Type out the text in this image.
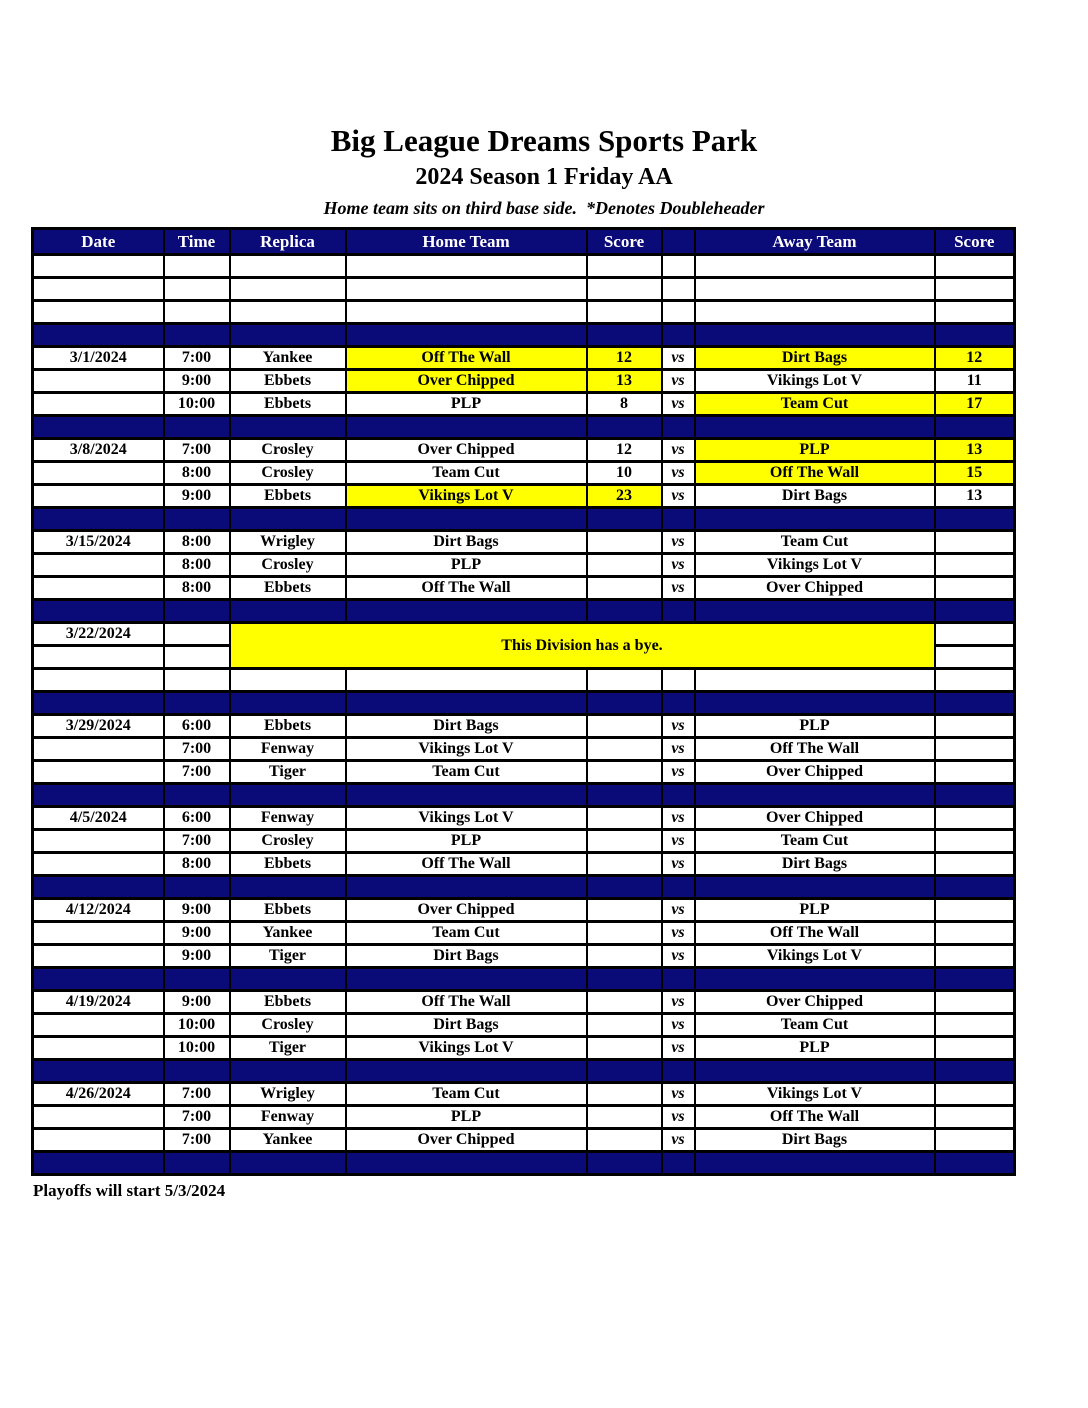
Big League Dreams Sports Park
2024 Season 1 Friday AA
Home team sits on third base side.  *Denotes Doubleheader
Date	Time	Replica	Home Team	Score		Away Team	Score

3/1/2024	7:00	Yankee	Off The Wall	12	vs	Dirt Bags	12
	9:00	Ebbets	Over Chipped	13	vs	Vikings Lot V	11
	10:00	Ebbets	PLP	8	vs	Team Cut	17

3/8/2024	7:00	Crosley	Over Chipped	12	vs	PLP	13
	8:00	Crosley	Team Cut	10	vs	Off The Wall	15
	9:00	Ebbets	Vikings Lot V	23	vs	Dirt Bags	13

3/15/2024	8:00	Wrigley	Dirt Bags		vs	Team Cut	
	8:00	Crosley	PLP		vs	Vikings Lot V	
	8:00	Ebbets	Off The Wall		vs	Over Chipped	

3/22/2024		This Division has a bye.					

3/29/2024	6:00	Ebbets	Dirt Bags		vs	PLP	
	7:00	Fenway	Vikings Lot V		vs	Off The Wall	
	7:00	Tiger	Team Cut		vs	Over Chipped	

4/5/2024	6:00	Fenway	Vikings Lot V		vs	Over Chipped	
	7:00	Crosley	PLP		vs	Team Cut	
	8:00	Ebbets	Off The Wall		vs	Dirt Bags	

4/12/2024	9:00	Ebbets	Over Chipped		vs	PLP	
	9:00	Yankee	Team Cut		vs	Off The Wall	
	9:00	Tiger	Dirt Bags		vs	Vikings Lot V	

4/19/2024	9:00	Ebbets	Off The Wall		vs	Over Chipped	
	10:00	Crosley	Dirt Bags		vs	Team Cut	
	10:00	Tiger	Vikings Lot V		vs	PLP	

4/26/2024	7:00	Wrigley	Team Cut		vs	Vikings Lot V	
	7:00	Fenway	PLP		vs	Off The Wall	
	7:00	Yankee	Over Chipped		vs	Dirt Bags	

Playoffs will start 5/3/2024
